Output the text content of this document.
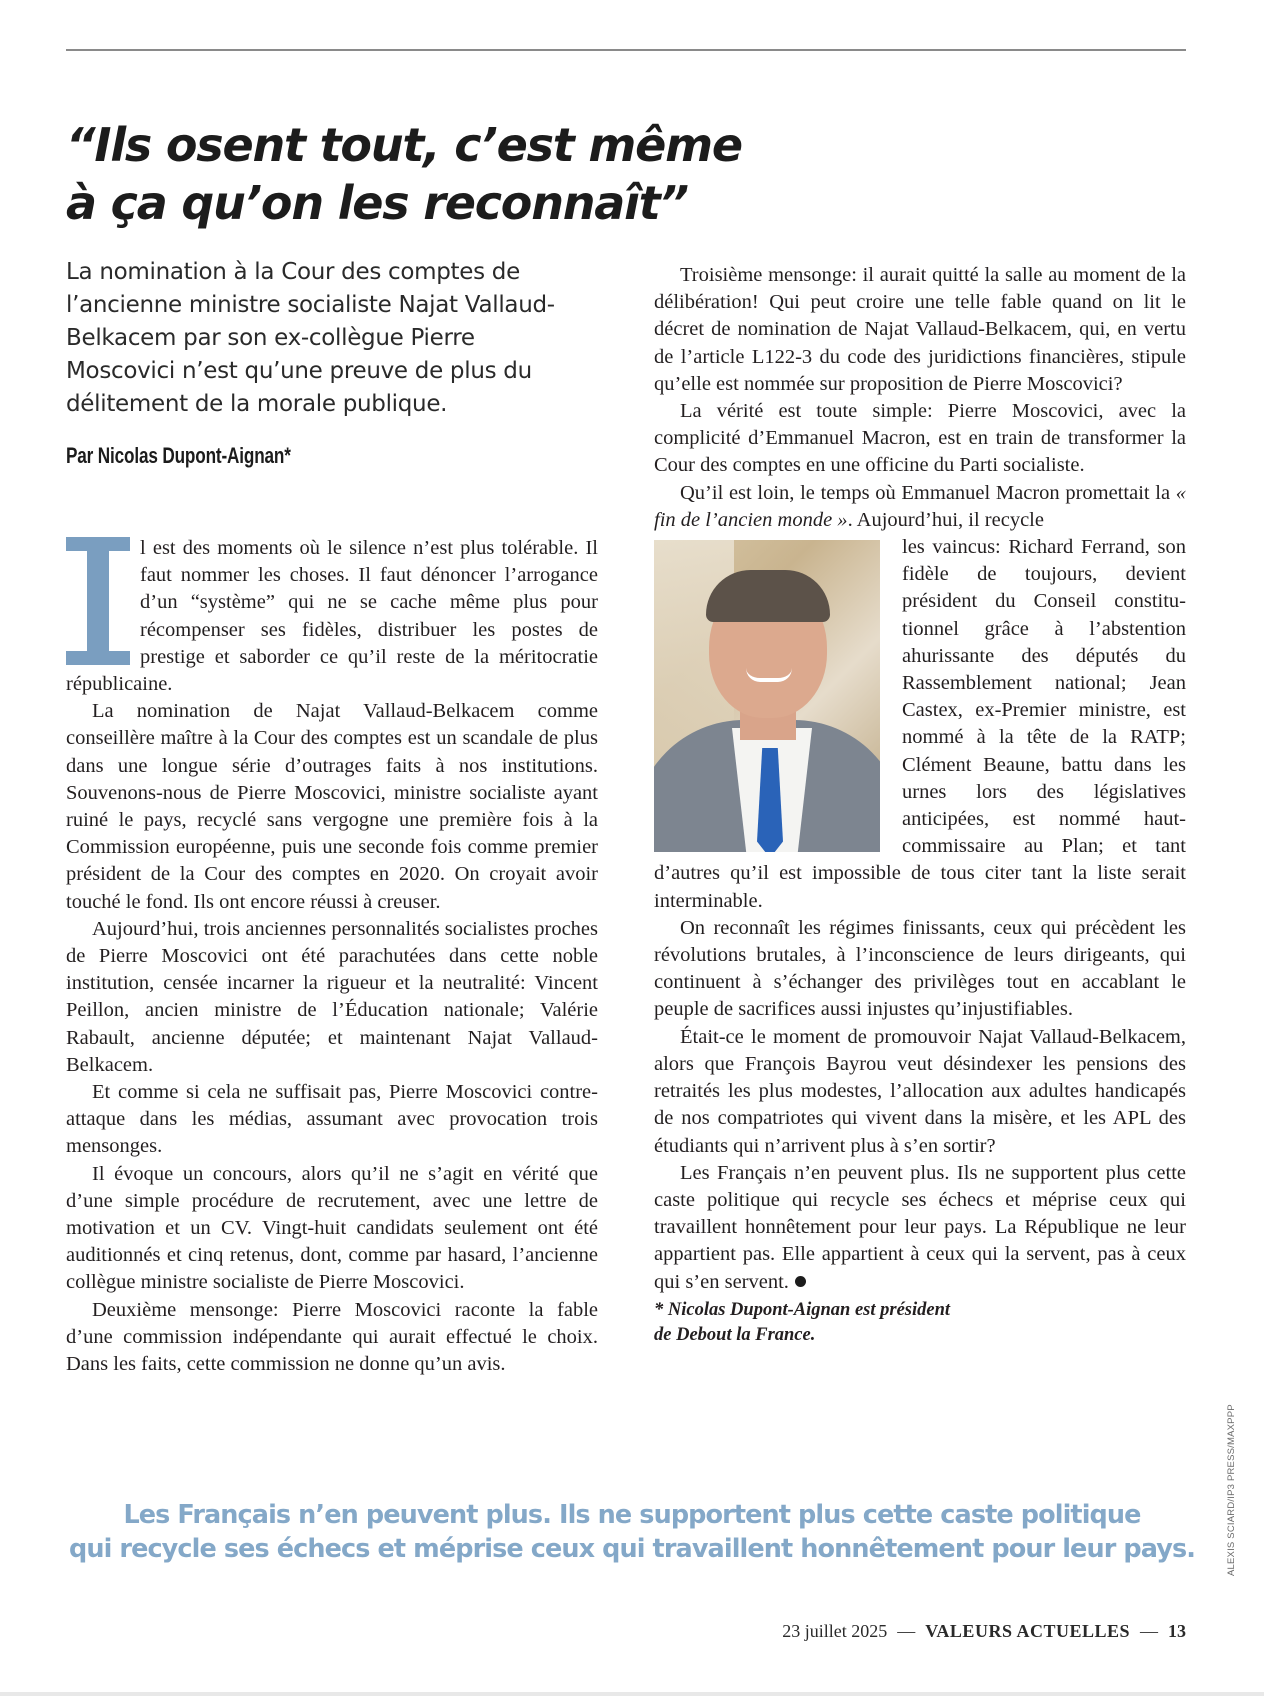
“Ils osent tout, c’est même
à ça qu’on les reconnaît”

La nomination à la Cour des comptes de l’ancienne ministre socialiste Najat Vallaud-Belkacem par son ex-collègue Pierre Moscovici n’est qu’une preuve de plus du délitement de la morale publique.

Par Nicolas Dupont-Aignan*

l est des moments où le silence n’est plus tolérable. Il faut nommer les choses. Il faut dénoncer l’arrogance d’un “système” qui ne se cache même plus pour récompenser ses fidèles, distribuer les postes de prestige et saborder ce qu’il reste de la méritocratie républicaine.

La nomination de Najat Vallaud-Belkacem comme conseillère maître à la Cour des comptes est un scandale de plus dans une longue série d’outrages faits à nos institutions. Souvenons-nous de Pierre Moscovici, ministre socialiste ayant ruiné le pays, recyclé sans vergogne une première fois à la Commission européenne, puis une seconde fois comme premier président de la Cour des comptes en 2020. On croyait avoir touché le fond. Ils ont encore réussi à creuser.

Aujourd’hui, trois anciennes personnalités socialistes proches de Pierre Moscovici ont été parachutées dans cette noble institution, censée incarner la rigueur et la neutralité: Vincent Peillon, ancien ministre de l’Éducation nationale; Valérie Rabault, ancienne députée; et maintenant Najat Vallaud-Belkacem.

Et comme si cela ne suffisait pas, Pierre Moscovici contre-attaque dans les médias, assumant avec provocation trois mensonges.

Il évoque un concours, alors qu’il ne s’agit en vérité que d’une simple procédure de recrutement, avec une lettre de motivation et un CV. Vingt-huit candidats seulement ont été auditionnés et cinq retenus, dont, comme par hasard, l’ancienne collègue ministre socialiste de Pierre Moscovici.

Deuxième mensonge: Pierre Moscovici raconte la fable d’une commission indépendante qui aurait effectué le choix. Dans les faits, cette commission ne donne qu’un avis.

Troisième mensonge: il aurait quitté la salle au moment de la délibération! Qui peut croire une telle fable quand on lit le décret de nomination de Najat Vallaud-Belkacem, qui, en vertu de l’article L122-3 du code des juridictions financières, stipule qu’elle est nommée sur proposition de Pierre Moscovici?

La vérité est toute simple: Pierre Moscovici, avec la complicité d’Emmanuel Macron, est en train de transformer la Cour des comptes en une officine du Parti socialiste.

Qu’il est loin, le temps où Emmanuel Macron promettait la « fin de l’ancien monde ». Aujourd’hui, il recycle

les vaincus: Richard Ferrand, son fidèle de toujours, devient président du Conseil constitutionnel grâce à l’abstention ahurissante des députés du Rassemblement national; Jean Castex, ex-Premier ministre, est nommé à la tête de la RATP; Clément Beaune, battu dans les urnes lors des législatives anticipées, est nommé haut-commissaire au Plan; et tant d’autres qu’il est impossible de tous citer tant la liste serait interminable.

On reconnaît les régimes finissants, ceux qui précèdent les révolutions brutales, à l’inconscience de leurs dirigeants, qui continuent à s’échanger des privilèges tout en accablant le peuple de sacrifices aussi injustes qu’injustifiables.

Était-ce le moment de promouvoir Najat Vallaud-Belkacem, alors que François Bayrou veut désindexer les pensions des retraités les plus modestes, l’allocation aux adultes handicapés de nos compatriotes qui vivent dans la misère, et les APL des étudiants qui n’arrivent plus à s’en sortir?

Les Français n’en peuvent plus. Ils ne supportent plus cette caste politique qui recycle ses échecs et méprise ceux qui travaillent honnêtement pour leur pays. La République ne leur appartient pas. Elle appartient à ceux qui la servent, pas à ceux qui s’en servent.

* Nicolas Dupont-Aignan est président
de Debout la France.

ALEXIS SCIARD/IP3 PRESS/MAXPPP

Les Français n’en peuvent plus. Ils ne supportent plus cette caste politique
qui recycle ses échecs et méprise ceux qui travaillent honnêtement pour leur pays.

23 juillet 2025 — VALEURS ACTUELLES — 13
